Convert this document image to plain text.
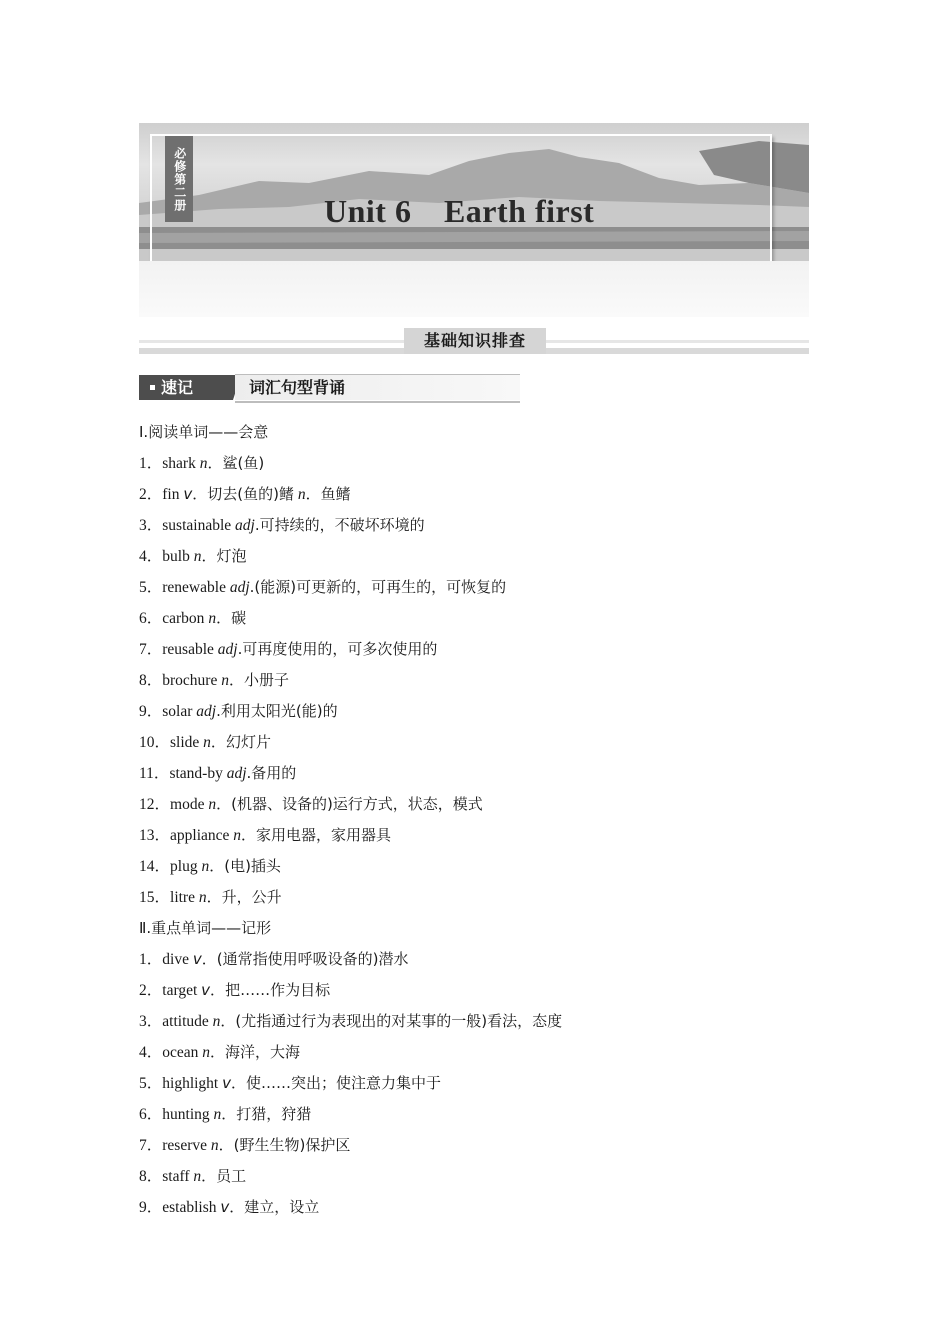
必修第二册	Unit 6　Earth first
基础知识排查
速记	词汇句型背诵
Ⅰ.阅读单词——会意
1．shark n．鲨(鱼)
2．fin v．切去(鱼的)鳍 n．鱼鳍
3．sustainable adj.可持续的，不破坏环境的
4．bulb n．灯泡
5．renewable adj.(能源)可更新的，可再生的，可恢复的
6．carbon n．碳
7．reusable adj.可再度使用的，可多次使用的
8．brochure n．小册子
9．solar adj.利用太阳光(能)的
10．slide n．幻灯片
11．stand-by adj.备用的
12．mode n．(机器、设备的)运行方式，状态，模式
13．appliance n．家用电器，家用器具
14．plug n．(电)插头
15．litre n．升，公升
Ⅱ.重点单词——记形
1．dive v．(通常指使用呼吸设备的)潜水
2．target v．把……作为目标
3．attitude n．(尤指通过行为表现出的对某事的一般)看法，态度
4．ocean n．海洋，大海
5．highlight v．使……突出；使注意力集中于
6．hunting n．打猎，狩猎
7．reserve n．(野生生物)保护区
8．staff n．员工
9．establish v．建立，设立
